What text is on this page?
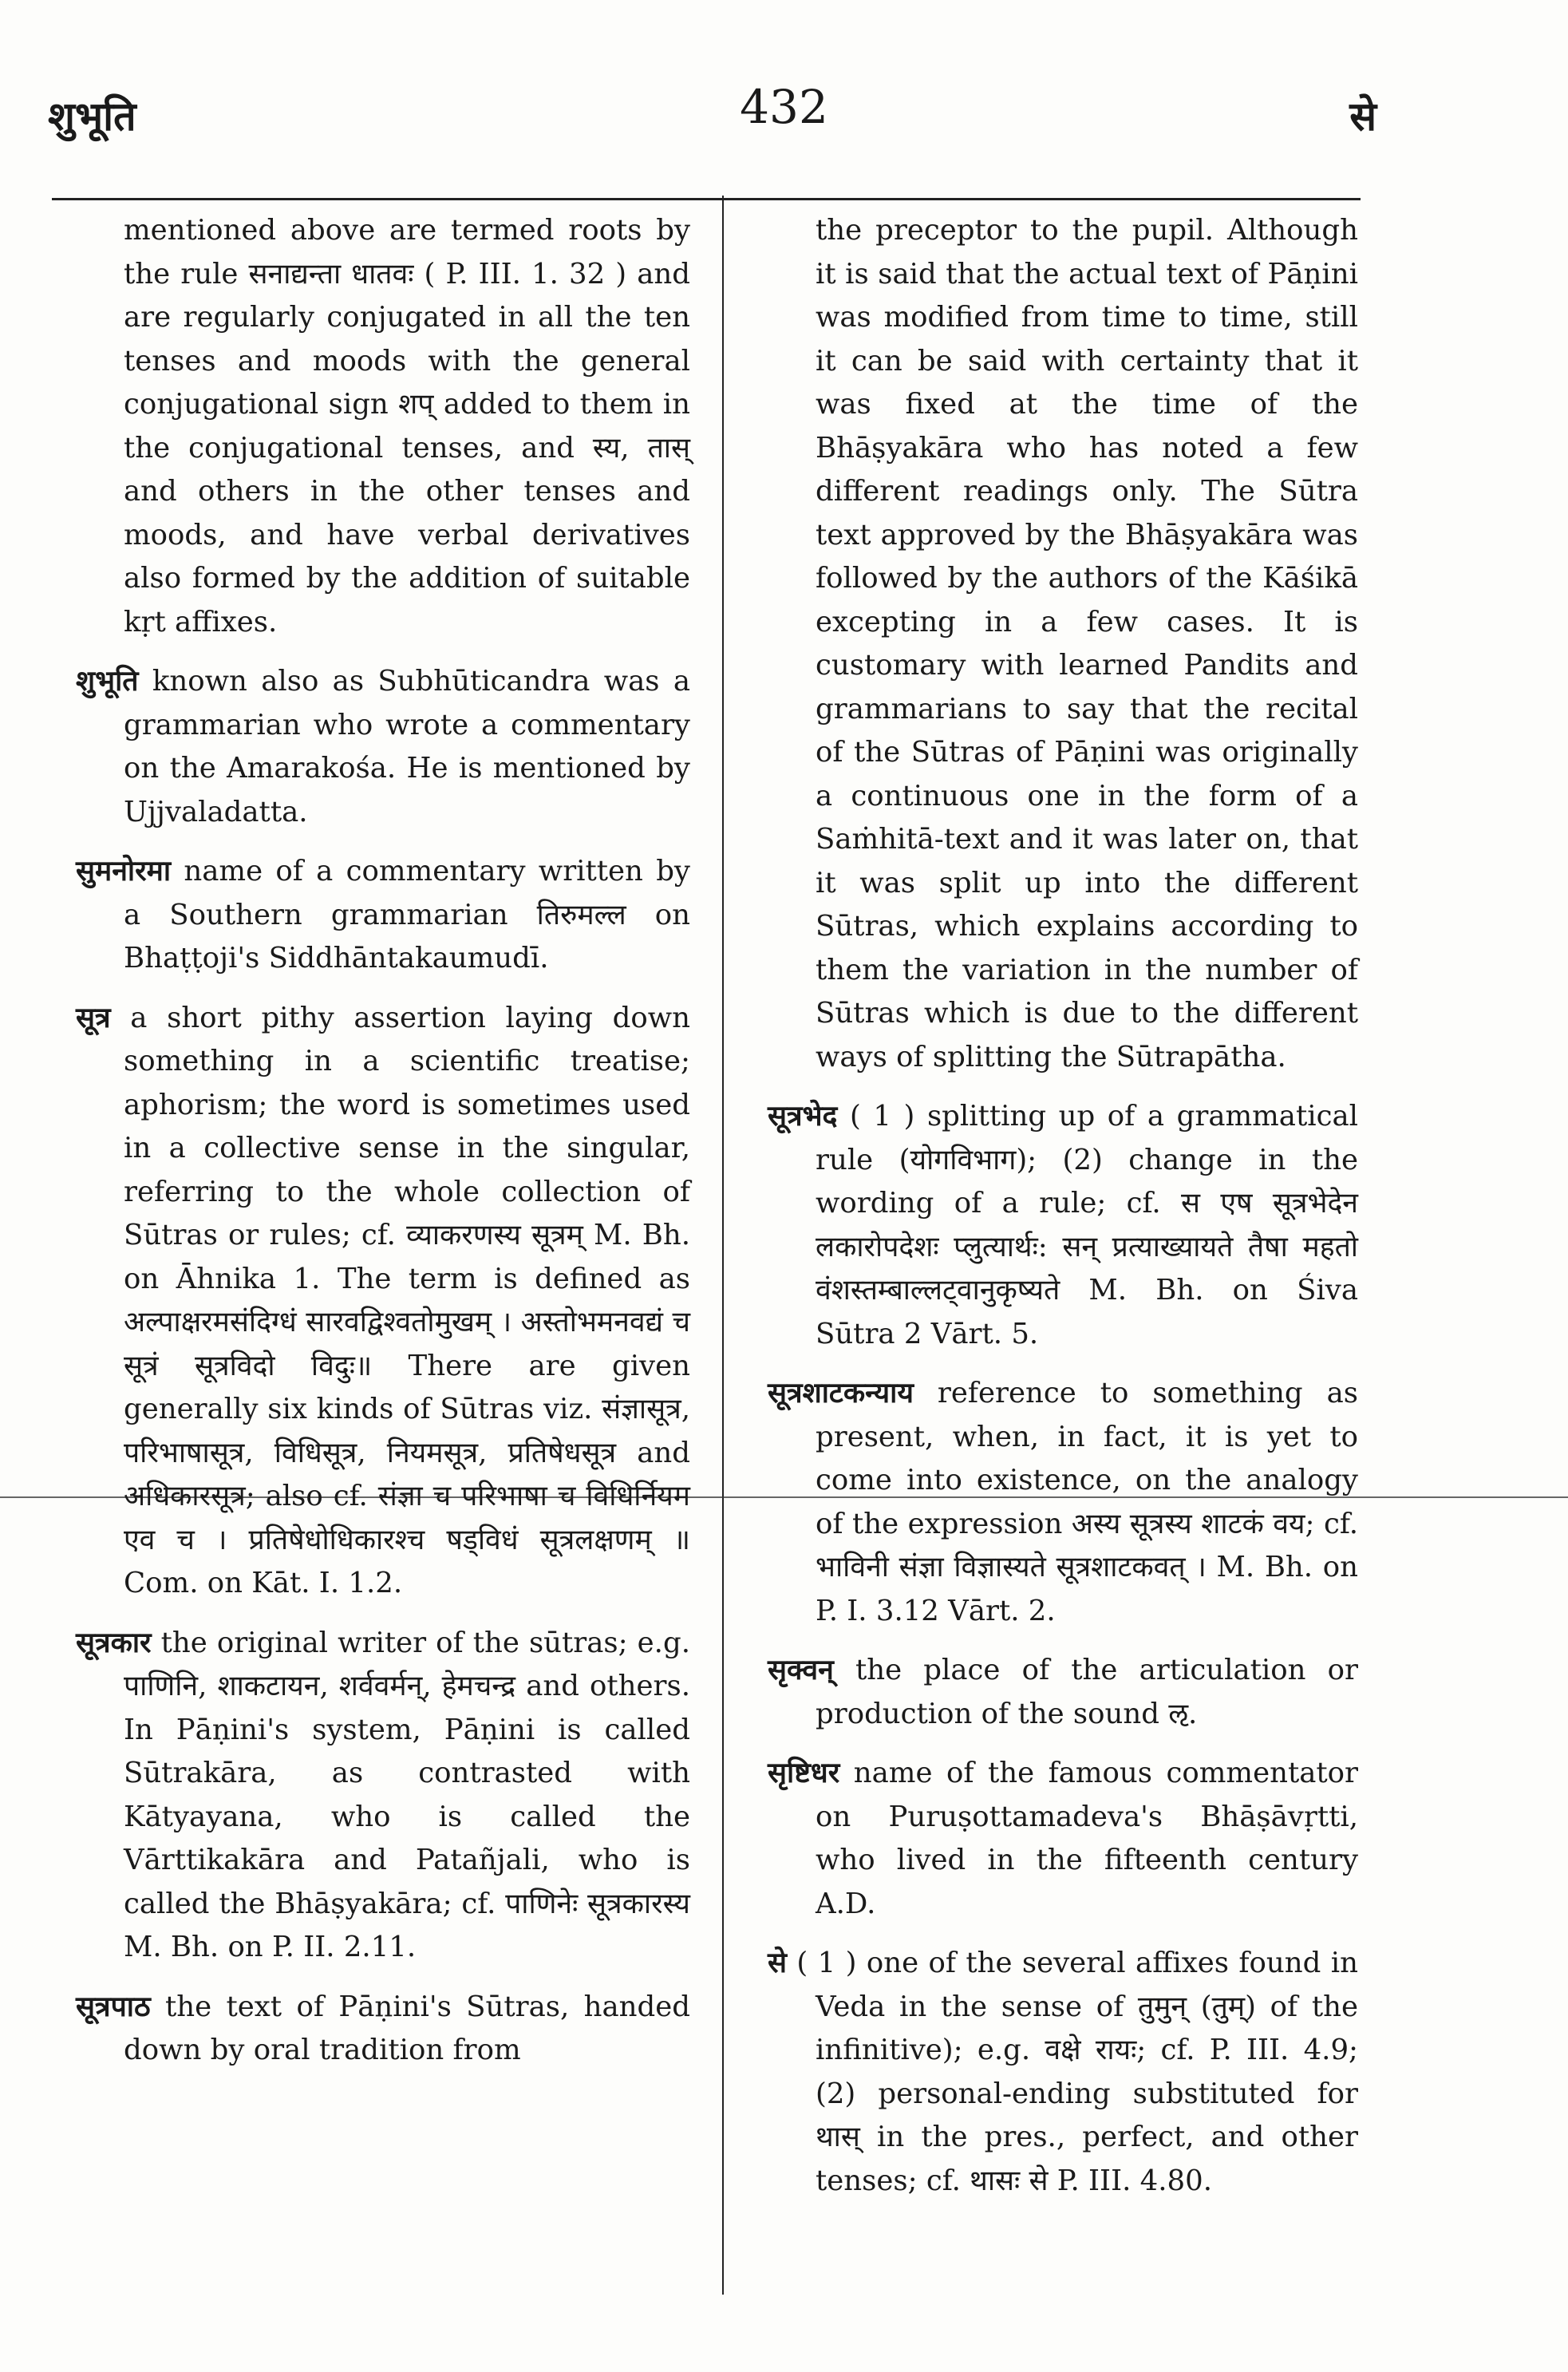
शुभूति	432	से
mentioned above are termed roots by the rule सनाद्यन्ता धातवः ( P. III. 1. 32 ) and are regularly conjugated in all the ten tenses and moods with the general conjugational sign शप् added to them in the conjugational tenses, and स्य, तास् and others in the other tenses and moods, and have verbal derivatives also formed by the addition of suitable kṛt affixes.
शुभूति known also as Subhūticandra was a grammarian who wrote a commentary on the Amarakośa. He is mentioned by Ujjvaladatta.
सुमनोरमा name of a commentary written by a Southern grammarian तिरुमल्ल on Bhaṭṭoji's Siddhāntakaumudī.
सूत्र a short pithy assertion laying down something in a scientific treatise; aphorism; the word is sometimes used in a collective sense in the singular, referring to the whole collection of Sūtras or rules; cf. व्याकरणस्य सूत्रम् M. Bh. on Āhnika 1. The term is defined as अल्पाक्षरमसंदिग्धं सारवद्विश्वतोमुखम् । अस्तोभमनवद्यं च सूत्रं सूत्रविदो विदुः॥ There are given generally six kinds of Sūtras viz. संज्ञासूत्र, परिभाषासूत्र, विधिसूत्र, नियमसूत्र, प्रतिषेधसूत्र and अधिकारसूत्र; also cf. संज्ञा च परिभाषा च विधिर्नियम एव च । प्रतिषेधोधिकारश्च षड्विधं सूत्रलक्षणम् ॥ Com. on Kāt. I. 1.2.
सूत्रकार the original writer of the sūtras; e.g. पाणिनि, शाकटायन, शर्ववर्मन्, हेमचन्द्र and others. In Pāṇini's system, Pāṇini is called Sūtrakāra, as contrasted with Kātyayana, who is called the Vārttikakāra and Patañjali, who is called the Bhāṣyakāra; cf. पाणिनेः सूत्रकारस्य M. Bh. on P. II. 2.11.
सूत्रपाठ the text of Pāṇini's Sūtras, handed down by oral tradition from
the preceptor to the pupil. Although it is said that the actual text of Pāṇini was modified from time to time, still it can be said with certainty that it was fixed at the time of the Bhāṣyakāra who has noted a few different readings only. The Sūtra text approved by the Bhāṣyakāra was followed by the authors of the Kāśikā excepting in a few cases. It is customary with learned Pandits and grammarians to say that the recital of the Sūtras of Pāṇini was originally a continuous one in the form of a Saṁhitā-text and it was later on, that it was split up into the different Sūtras, which explains according to them the variation in the number of Sūtras which is due to the different ways of splitting the Sūtrapātha.
सूत्रभेद ( 1 ) splitting up of a grammatical rule (योगविभाग); (2) change in the wording of a rule; cf. स एष सूत्रभेदेन लकारोपदेशः प्लुत्यार्थः: सन् प्रत्याख्यायते तैषा महतो वंशस्तम्बाल्लट्वानुकृष्यते M. Bh. on Śiva Sūtra 2 Vārt. 5.
सूत्रशाटकन्याय reference to something as present, when, in fact, it is yet to come into existence, on the analogy of the expression अस्य सूत्रस्य शाटकं वय; cf. भाविनी संज्ञा विज्ञास्यते सूत्रशाटकवत् । M. Bh. on P. I. 3.12 Vārt. 2.
सृक्वन् the place of the articulation or production of the sound ऌ.
सृष्टिधर name of the famous commentator on Puruṣottamadeva's Bhāṣāvṛtti, who lived in the fifteenth century A.D.
से ( 1 ) one of the several affixes found in Veda in the sense of तुमुन् (तुम्) of the infinitive); e.g. वक्षे रायः; cf. P. III. 4.9; (2) personal-ending substituted for थास् in the pres., perfect, and other tenses; cf. थासः से P. III. 4.80.
